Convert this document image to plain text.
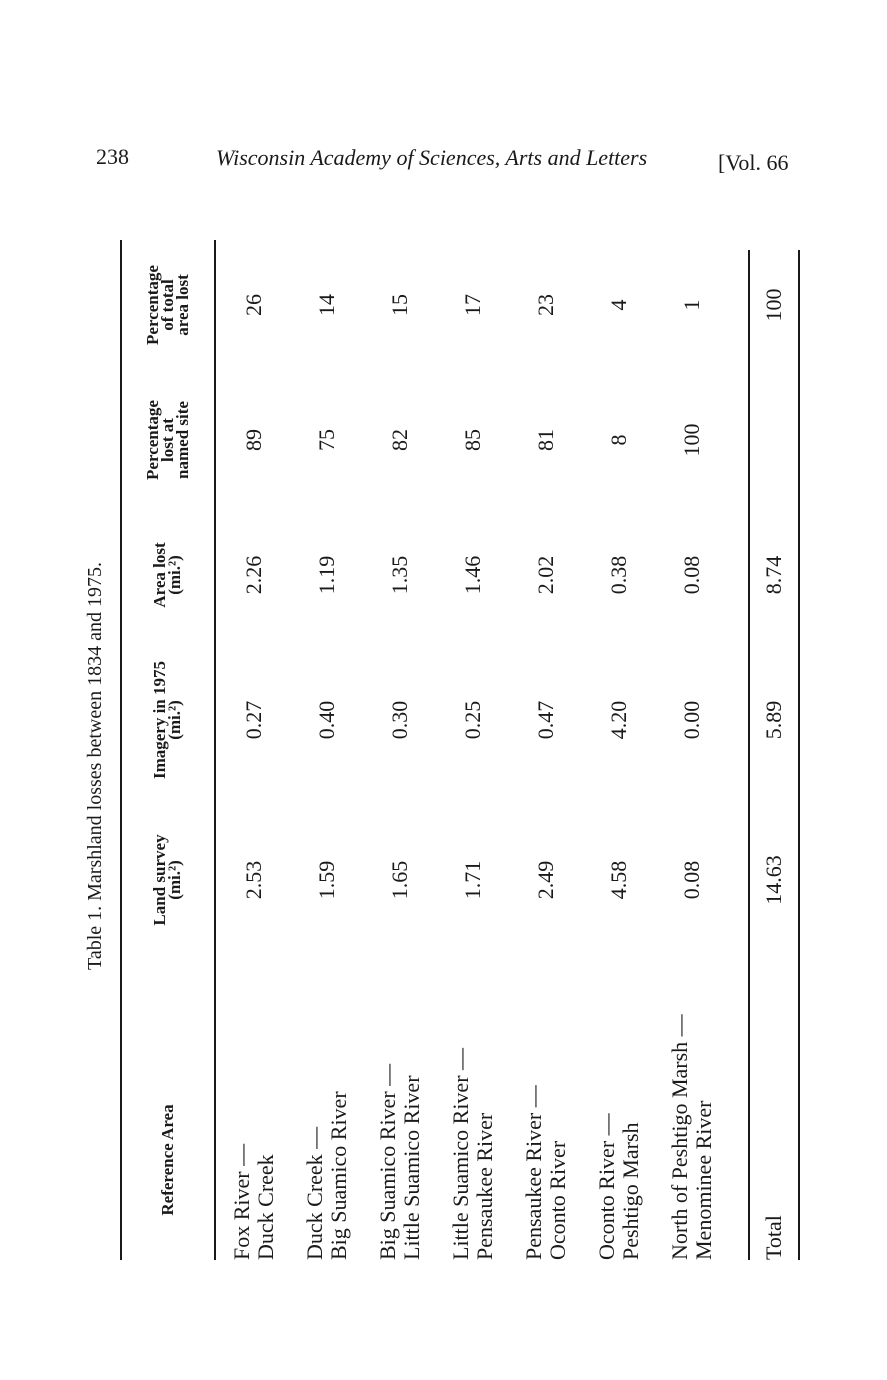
238	Wisconsin Academy of Sciences, Arts and Letters	[Vol. 66
Table 1. Marshland losses between 1834 and 1975.
Reference Area
Land survey
(mi.²)
Imagery in 1975
(mi.²)
Area lost
(mi.²)
Percentage
lost at
named site
Percentage
of total
area lost
Fox River — Duck Creek
2.53
0.27
2.26
89
26
Duck Creek — Big Suamico River
1.59
0.40
1.19
75
14
Big Suamico River — Little Suamico River
1.65
0.30
1.35
82
15
Little Suamico River — Pensaukee River
1.71
0.25
1.46
85
17
Pensaukee River — Oconto River
2.49
0.47
2.02
81
23
Oconto River — Peshtigo Marsh
4.58
4.20
0.38
8
4
North of Peshtigo Marsh — Menominee River
0.08
0.00
0.08
100
1
Total
14.63
5.89
8.74
100
